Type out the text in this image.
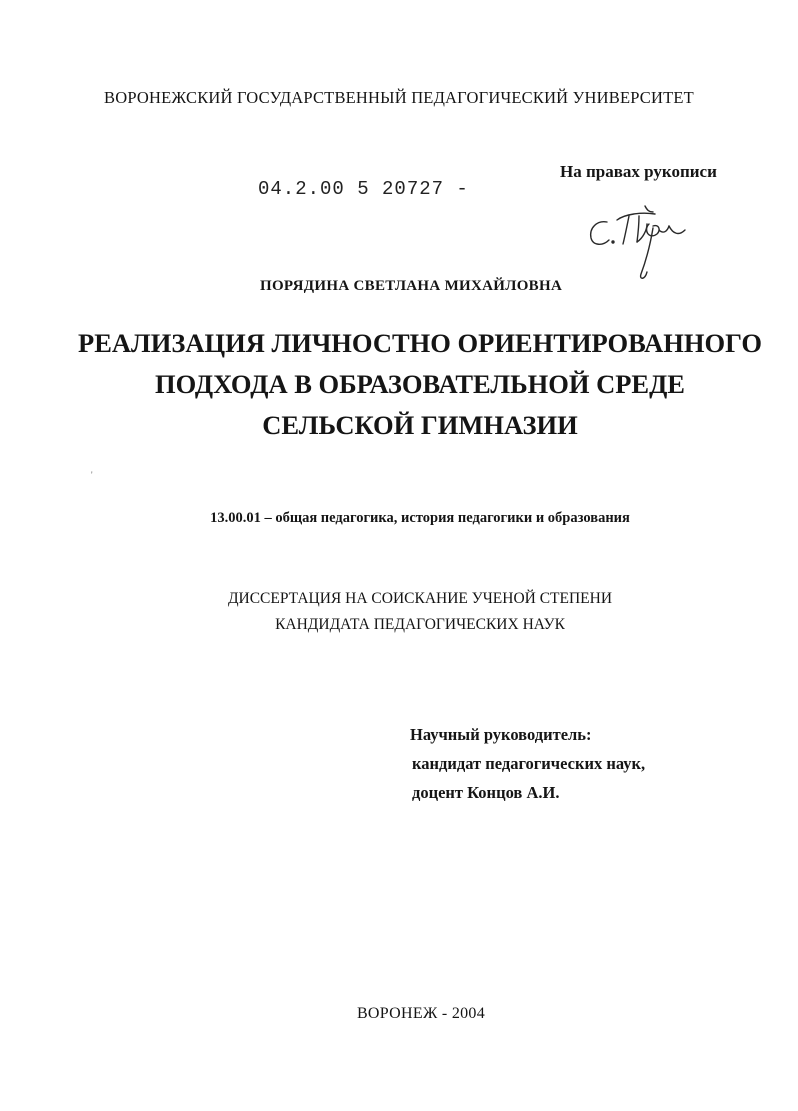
ВОРОНЕЖСКИЙ ГОСУДАРСТВЕННЫЙ ПЕДАГОГИЧЕСКИЙ УНИВЕРСИТЕТ
04.2.00 5 20727 -
На правах рукописи
ПОРЯДИНА СВЕТЛАНА МИХАЙЛОВНА
РЕАЛИЗАЦИЯ ЛИЧНОСТНО ОРИЕНТИРОВАННОГО
ПОДХОДА В ОБРАЗОВАТЕЛЬНОЙ СРЕДЕ
СЕЛЬСКОЙ ГИМНАЗИИ
'
13.00.01 – общая педагогика, история педагогики и образования
ДИССЕРТАЦИЯ НА СОИСКАНИЕ УЧЕНОЙ СТЕПЕНИ
КАНДИДАТА ПЕДАГОГИЧЕСКИХ НАУК
Научный руководитель:
кандидат педагогических наук,
доцент Концов А.И.
ВОРОНЕЖ - 2004
